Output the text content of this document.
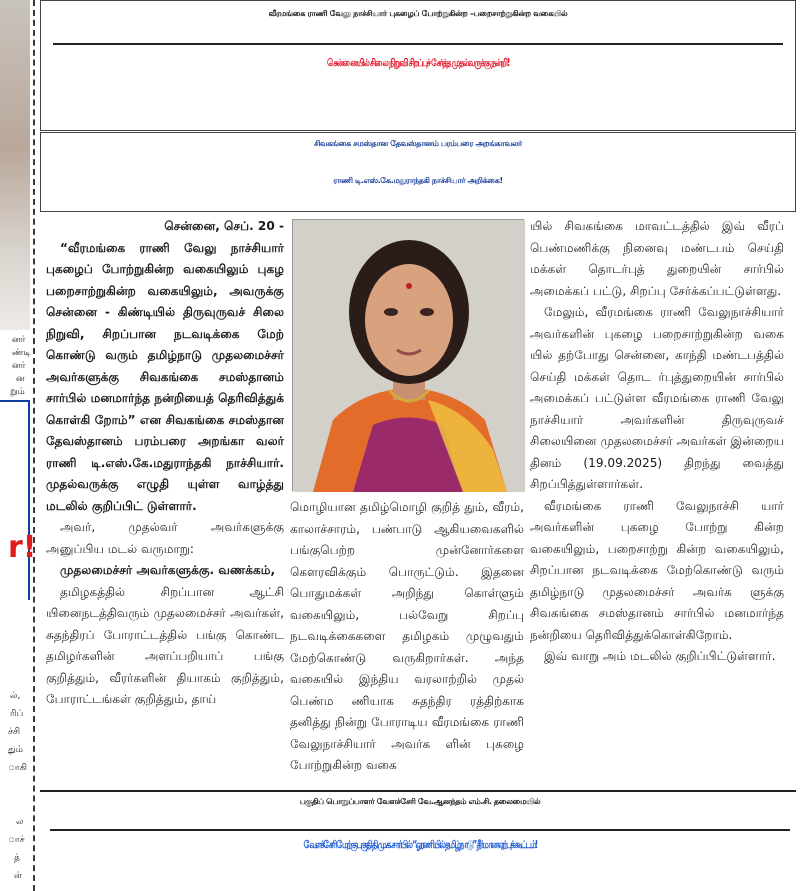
னர்
ண்டி
னர்
ன
றும்
r!
ல்,
ரிப்
ச்சி
தும்
ாகி
ல
ாச்
த்
ள்
வீரமங்கை ராணி வேலு நாச்சியார் புகழைப் போற்றுகின்ற –பறைசாற்றுகின்ற வகையில்
சென்னையில் சிலை நிறுவி சிறப்புச் சேர்த்த முதல்வருக்கு நன்றி!
சிவகங்கை சமஸ்தான தேவஸ்தானம் பரம்பரை அறங்காவலர்
ராணி டி.எஸ்.கே.மதுராந்தகி நாச்சியார் அறிக்கை!

சென்னை, செப். 20 -

“வீரமங்கை ராணி வேலு நாச்சியார் புகழைப் போற்றுகின்ற வகையிலும் புகழ பறைசாற்றுகின்ற வகையிலும், அவருக்கு சென்னை - கிண்டியில் திருவுருவச் சிலை நிறுவி, சிறப்பான நடவடிக்கை மேற் கொண்டு வரும் தமிழ்நாடு முதலமைச்சர் அவர்களுக்கு சிவகங்கை சமஸ்தானம் சார்பில் மனமார்ந்த நன்றியைத் தெரிவித்துக் கொள்கி றோம்” என சிவகங்கை சமஸ்தான தேவஸ்தானம் பரம்பரை அறங்கா வலர் ராணி டி.எஸ்.கே.மதுராந்தகி நாச்சியார். முதல்வருக்கு எழுதி யுள்ள வாழ்த்து மடலில் குறிப்பிட் டுள்ளார்.

அவர், முதல்வர் அவர்களுக்கு அனுப்பிய மடல் வருமாறு:

முதலமைச்சர் அவர்களுக்கு. வணக்கம்,

தமிழகத்தில் சிறப்பான ஆட்சி யினைநடத்திவரும் முதலமைச்சர் அவர்கள், சுதந்திரப் போராட்டத்தில் பங்கு கொண்ட தமிழர்களின் அளப்பறியாப் பங்கு குறித்தும், வீரர்களின் தியாகம் குறித்தும், போராட்டங்கள் குறித்தும், தாய்

மொழியான தமிழ்மொழி குறித் தும், வீரம், காலாச்சாரம், பண்பாடு ஆகியவைகளில் பங்குபெற்ற முன்னோர்களை கௌரவிக்கும் பொருட்டும். இதனை பொதுமக்கள் அறிந்து கொள்ளும் வகையிலும், பல்வேறு சிறப்பு நடவடிக்கைகளை தமிழகம் முழுவதும் மேற்கொண்டு வருகிறார்கள். அந்த வகையில் இந்திய வரலாற்றில் முதல் பெண்ம ணியாக சுதந்திர ரத்திற்காக தனித்து நின்று போராடிய வீரமங்கை ராணி வேலுநாச்சியார் அவர்க ளின் புகழை போற்றுகின்ற வகை

யில் சிவகங்கை மாவட்டத்தில் இவ் வீரப் பெண்மணிக்கு நினைவு மண்டபம் செய்தி மக்கள் தொடர்புத் துறையின் சார்பில் அமைக்கப் பட்டு, சிறப்பு சேர்க்கப்பட்டுள்ளது.

மேலும், வீரமங்கை ராணி வேலுநாச்சியார் அவர்களின் புகழை பறைசாற்றுகின்ற வகை யில் தற்போது சென்னை, காந்தி மண்டபத்தில் செய்தி மக்கள் தொட ர்புத்துறையின் சார்பில் அமைக்கப் பட்டுள்ள வீரமங்கை ராணி வேலு நாச்சியார் அவர்களின் திருவுருவச் சிலையினை முதலமைச்சர் அவர்கள் இன்றைய தினம் (19.09.2025) திறந்து வைத்து சிறப்பித்துள்ளார்கள்.

வீரமங்கை ராணி வேலுநாச்சி யார் அவர்களின் புகழை போற்று கின்ற வகையிலும், பறைசாற்று கின்ற வகையிலும், சிறப்பான நடவடிக்கை மேற்கொண்டு வரும் தமிழ்நாடு முதலமைச்சர் அவர்க ளுக்கு சிவகங்கை சமஸ்தானம் சார்பில் மனமார்ந்த நன்றியை தெரிவித்துக்கொள்கிறோம்.

இவ் வாறு அம் மடலில் குறிப்பிட்டுள்ளார்.

பகுதிப் பொறுப்பாளர் வேளச்சேரி வே.ஆனந்தம் எம்.சி. தலைமையில்
வேளச்சேரி மேற்கு பகுதி தி.மு.க. சார்பில் “ஓரணியில் தமிழ்நாடு” தீர்மான ஏற்புக் கூட்டம்!
